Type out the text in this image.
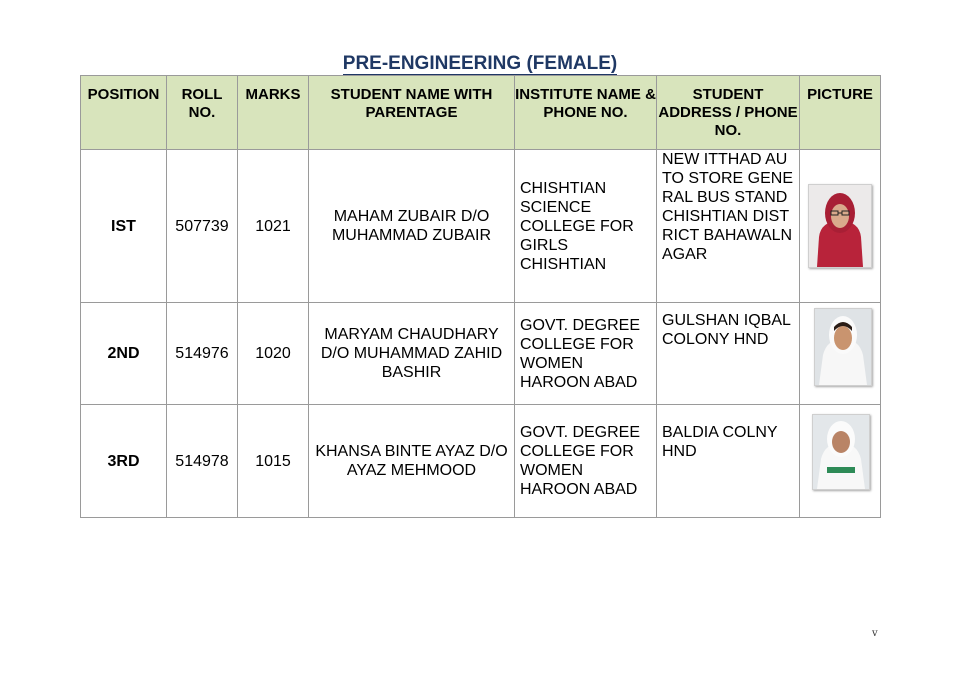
PRE-ENGINEERING (FEMALE)
POSITION	ROLL NO.	MARKS	STUDENT NAME WITH PARENTAGE	INSTITUTE NAME & PHONE NO.	STUDENT ADDRESS / PHONE NO.	PICTURE
IST	507739	1021	MAHAM ZUBAIR D/O MUHAMMAD ZUBAIR	CHISHTIAN SCIENCE COLLEGE FOR GIRLS CHISHTIAN	NEW ITTHAD AUTO STORE GENERAL BUS STAND CHISHTIAN DISTRICT BAHAWALNAGAR	

2ND	514976	1020	MARYAM CHAUDHARY D/O MUHAMMAD ZAHID BASHIR	GOVT. DEGREE COLLEGE FOR WOMEN HAROON ABAD	GULSHAN IQBAL COLONY HND	

3RD	514978	1015	KHANSA BINTE AYAZ D/O AYAZ MEHMOOD	GOVT. DEGREE COLLEGE FOR WOMEN HAROON ABAD	BALDIA COLNY HND	
v
